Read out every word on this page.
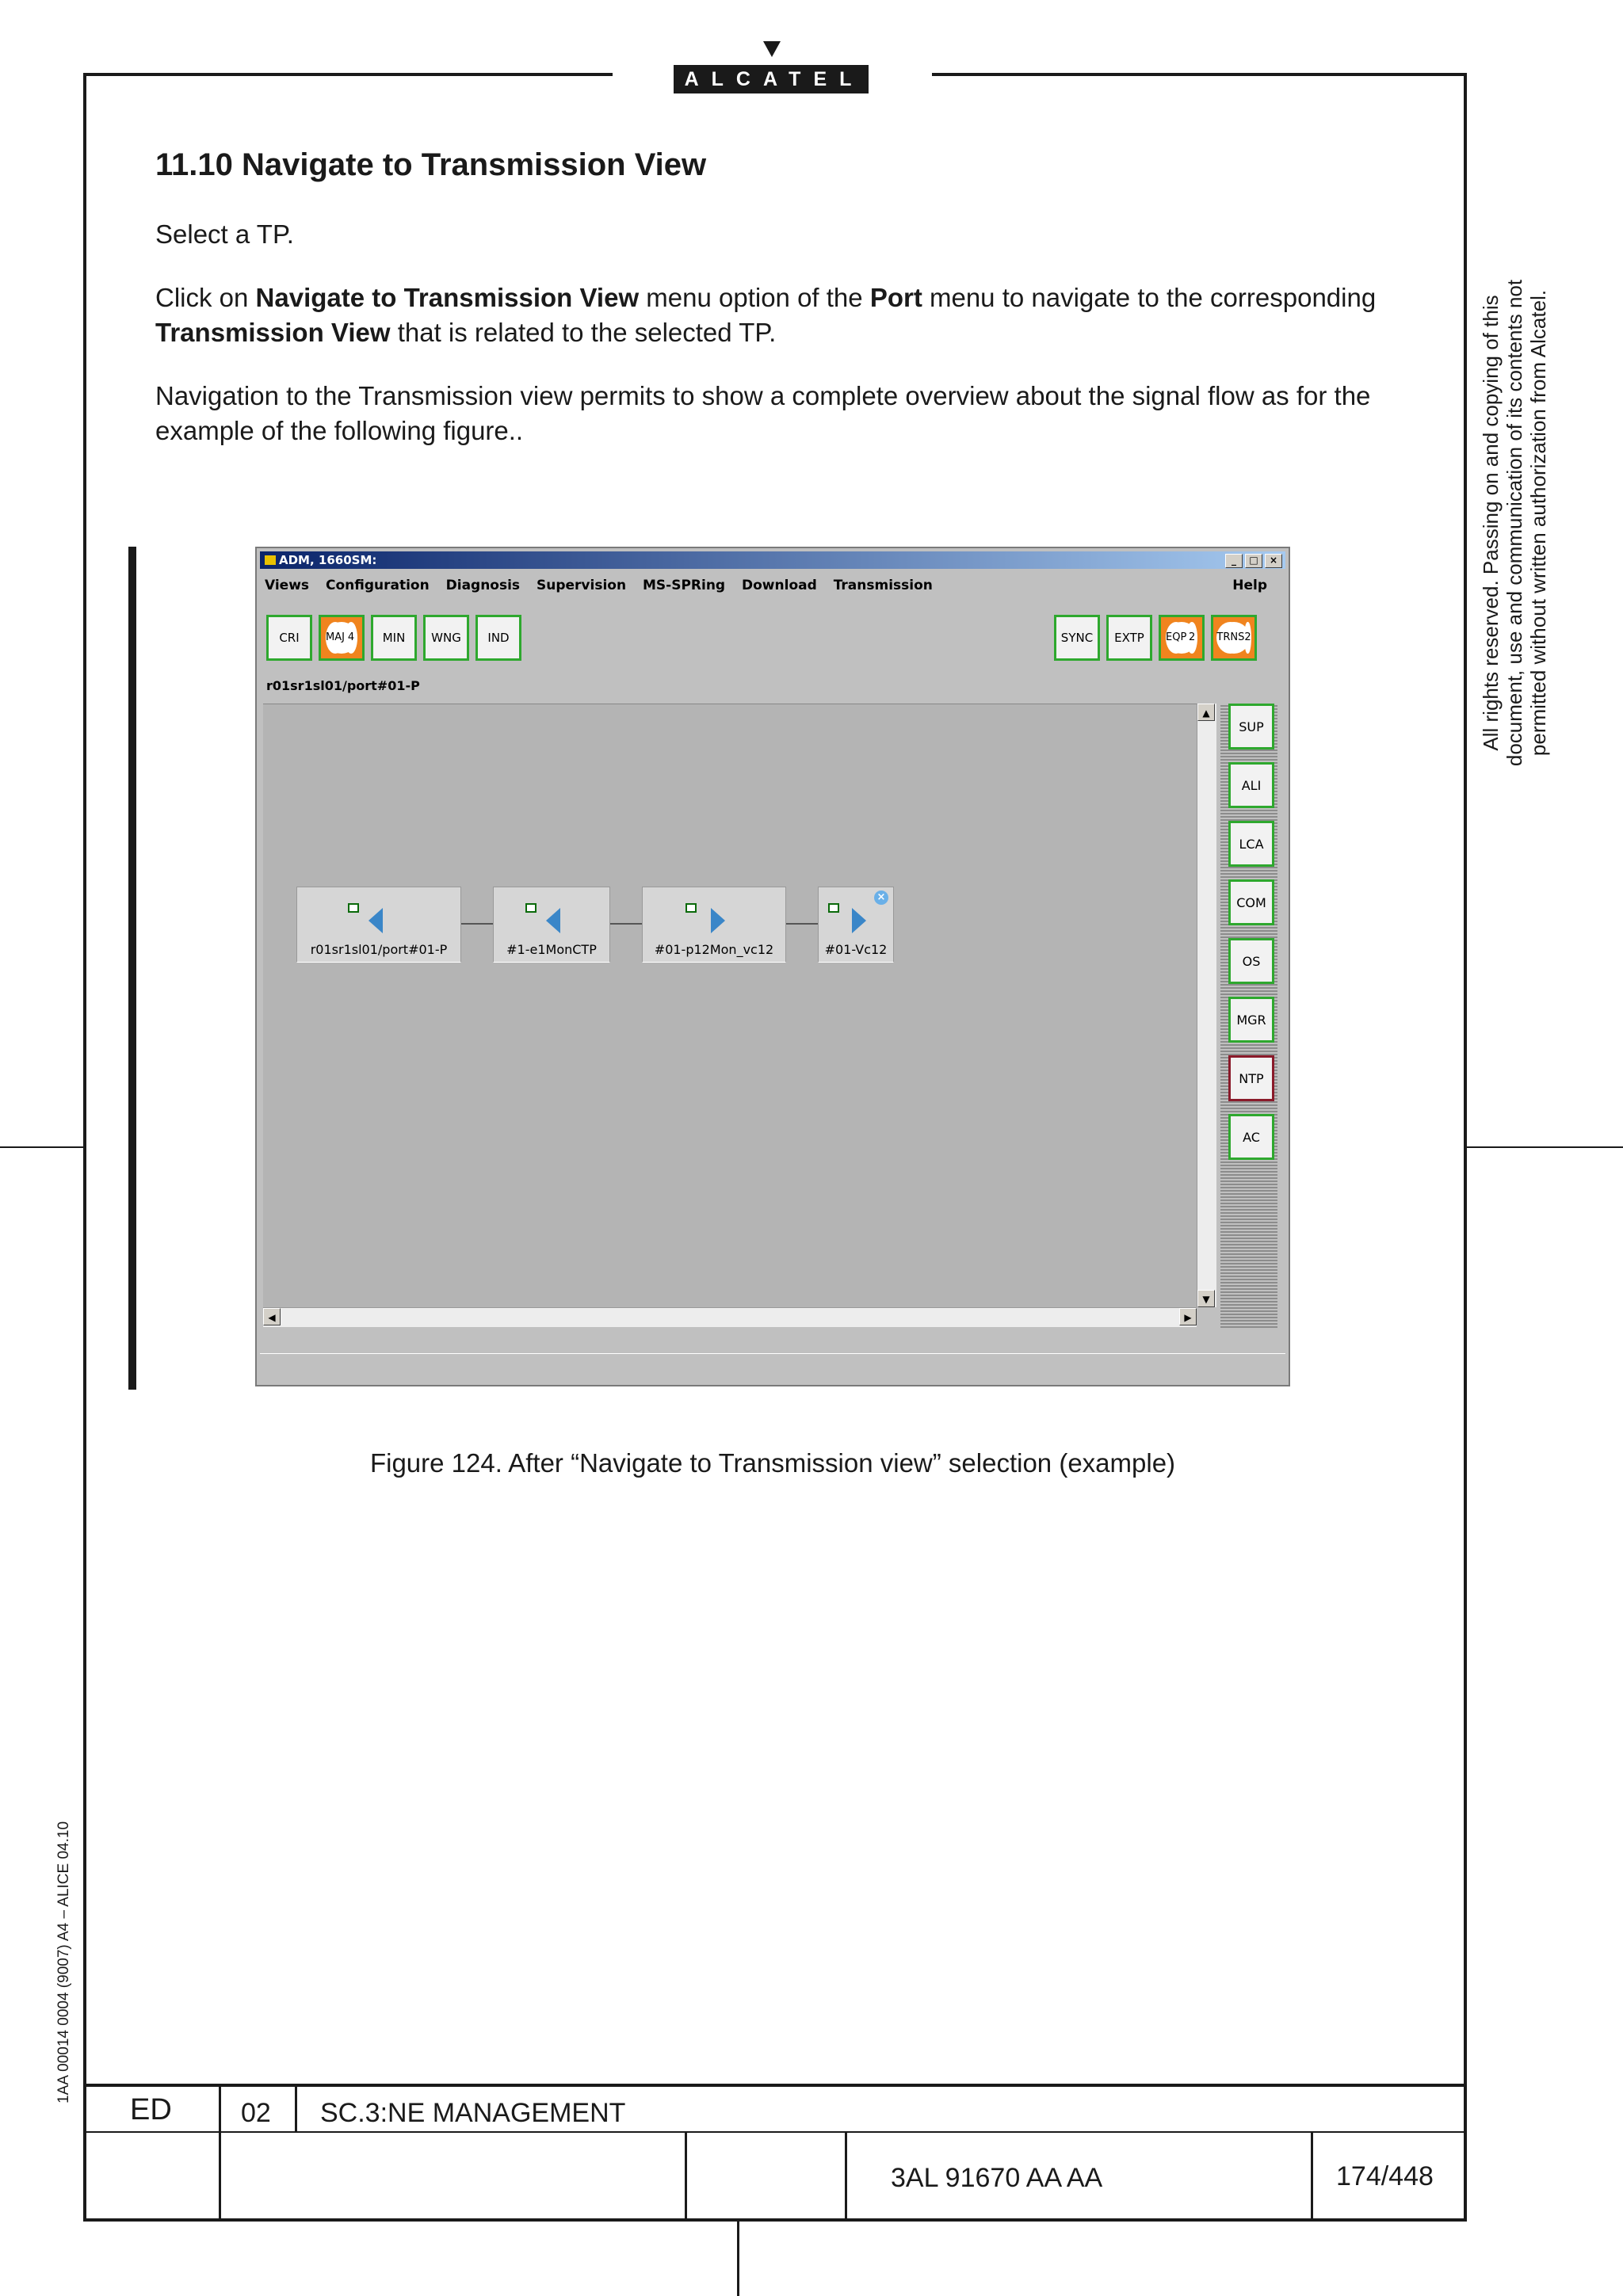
ALCATEL
11.10 Navigate to Transmission View

Select a TP.

Click on Navigate to Transmission View menu option of the Port menu to navigate to the corresponding Transmission View that is related to the selected TP.

Navigation to the Transmission view permits to show a complete overview about the signal flow as for the example of the following figure..	All rights reserved. Passing on and copying of this document, use and communication of its contents not permitted without written authorization from Alcatel.
1AA 00014 0004 (9007) A4 – ALICE 04.10
ADM, 1660SM:	_	□	×
Views Configuration Diagnosis Supervision MS-SPRing Download Transmission	Help
CRI	MAJ 4 MIN WNG IND	SYNC EXTP EQP 2 TRNS 2
r01sr1sl01/port#01-P
r01sr1sl01/port#01-P	#1-e1MonCTP	#01-p12Mon_vc12
×
#01-Vc12
▲
▼
◀	▶
SUP
ALI
LCA
COM
OS
MGR
NTP
AC
Figure 124. After “Navigate to Transmission view” selection (example)
ED	02 SC.3:NE MANAGEMENT
3AL 91670 AA AA	174/448
